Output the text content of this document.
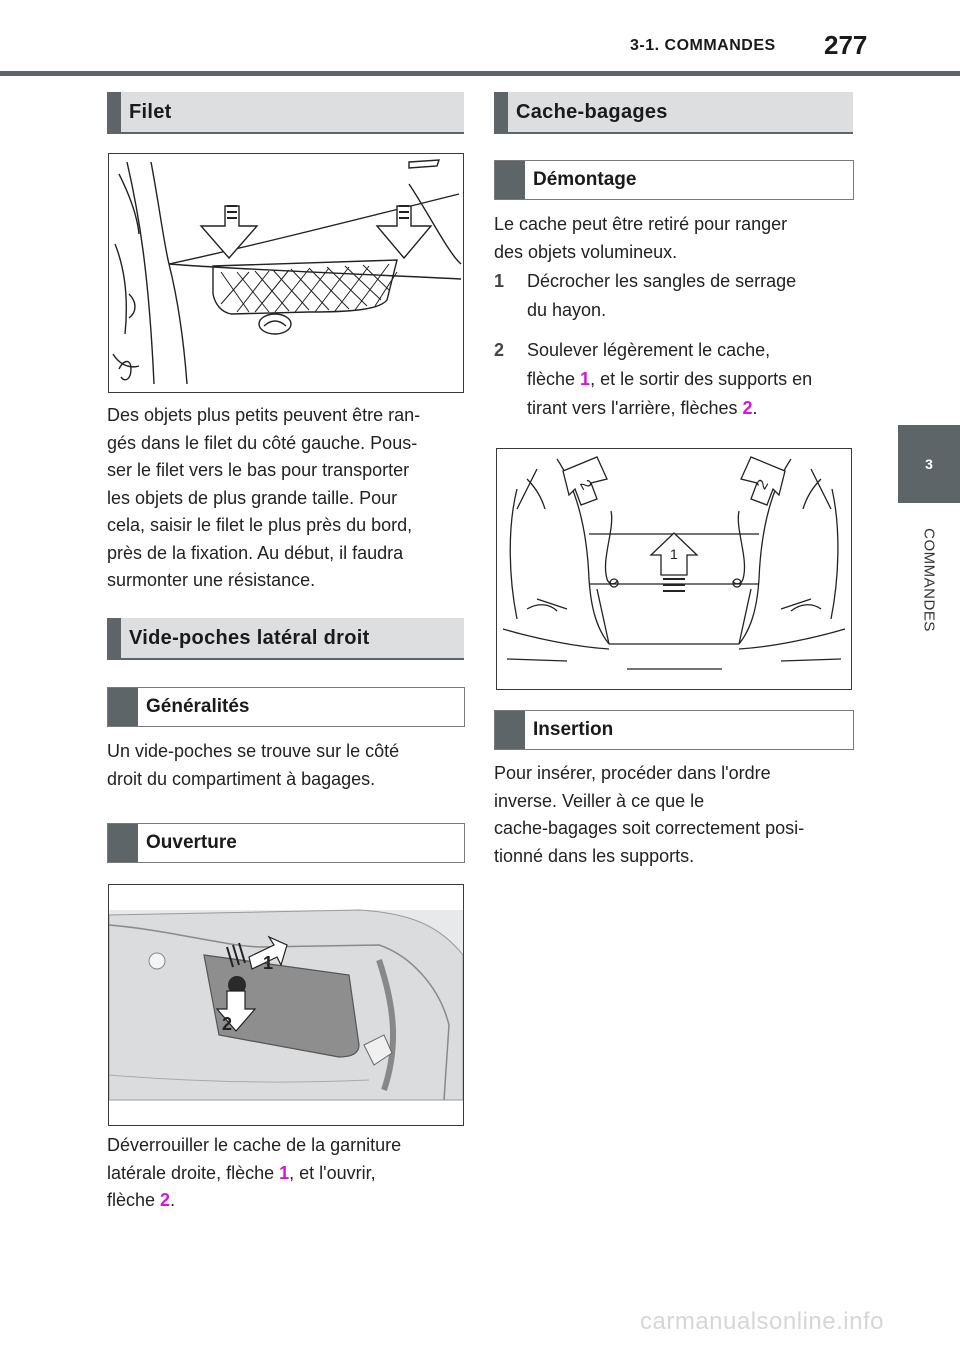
3-1. COMMANDES 277
3
COMMANDES
Filet
Des objets plus petits peuvent être ran-
gés dans le filet du côté gauche. Pous-
ser le filet vers le bas pour transporter
les objets de plus grande taille. Pour
cela, saisir le filet le plus près du bord,
près de la fixation. Au début, il faudra
surmonter une résistance.
Vide-poches latéral droit
Généralités
Un vide-poches se trouve sur le côté
droit du compartiment à bagages.
Ouverture
1
2
Déverrouiller le cache de la garniture
latérale droite, flèche 1, et l'ouvrir,
flèche 2.
Cache-bagages
Démontage
Le cache peut être retiré pour ranger
des objets volumineux.
1 Décrocher les sangles de serrage
du hayon.
2 Soulever légèrement le cache,
flèche 1, et le sortir des supports en
tirant vers l'arrière, flèches 2.
2	2
1
Insertion
Pour insérer, procéder dans l'ordre
inverse. Veiller à ce que le
cache-bagages soit correctement posi-
tionné dans les supports.
carmanualsonline.info
